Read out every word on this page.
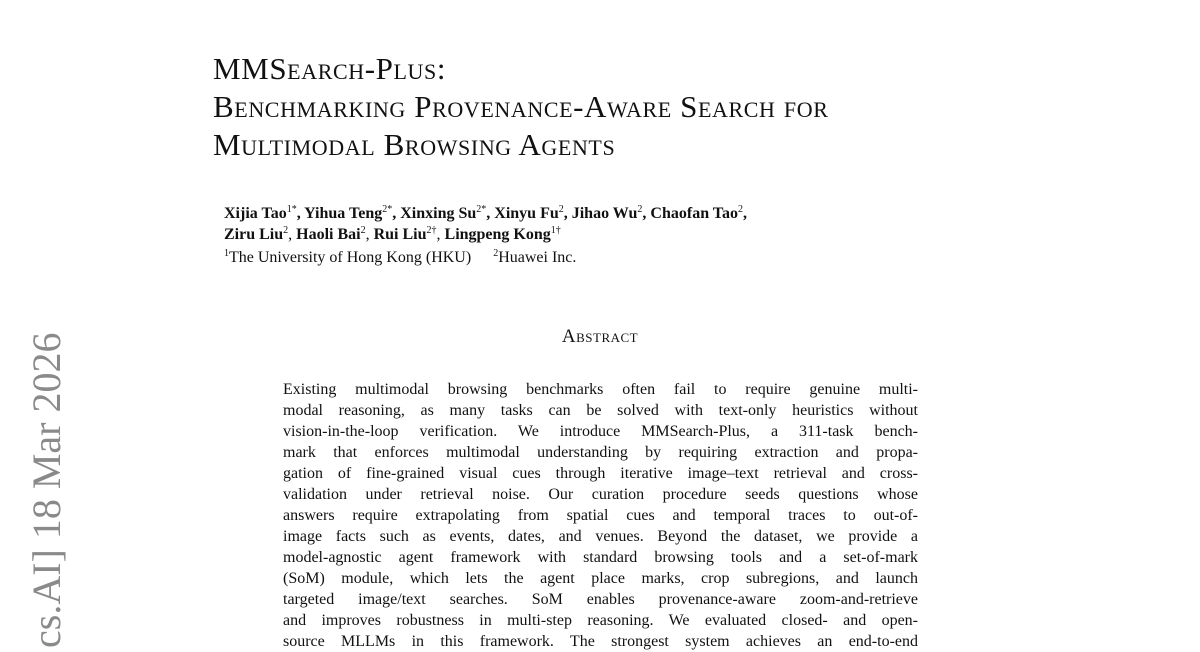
cs.AI] 18 Mar 2026
MMSearch-Plus:
Benchmarking Provenance-Aware Search for
Multimodal Browsing Agents
Xijia Tao$^{1*}$, Yihua Teng$^{2*}$, Xinxing $Su^{2*}$, Xinyu Fu$^2$, Jihao Wu$^2$, Chaofan Tao$^2$,
Ziru Liu$^2$, Haoli Bai$^2$, Rui Liu$^{2\dagger}$, Lingpeng Kong$^{1\dagger}$
$^1$The University of Hong Kong (HKU) $^2$Huawei Inc.
Abstract
Existing multimodal browsing benchmarks often fail to require genuine multi-
modal reasoning, as many tasks can be solved with text-only heuristics without
vision-in-the-loop verification. We introduce MMSearch-Plus, a 311-task bench-
mark that enforces multimodal understanding by requiring extraction and propa-
gation of fine-grained visual cues through iterative image–text retrieval and cross-
validation under retrieval noise. Our curation procedure seeds questions whose
answers require extrapolating from spatial cues and temporal traces to out-of-
image facts such as events, dates, and venues. Beyond the dataset, we provide a
model-agnostic agent framework with standard browsing tools and a set-of-mark
(SoM) module, which lets the agent place marks, crop subregions, and launch
targeted image/text searches. SoM enables provenance-aware zoom-and-retrieve
and improves robustness in multi-step reasoning. We evaluated closed- and open-
source MLLMs in this framework. The strongest system achieves an end-to-end
